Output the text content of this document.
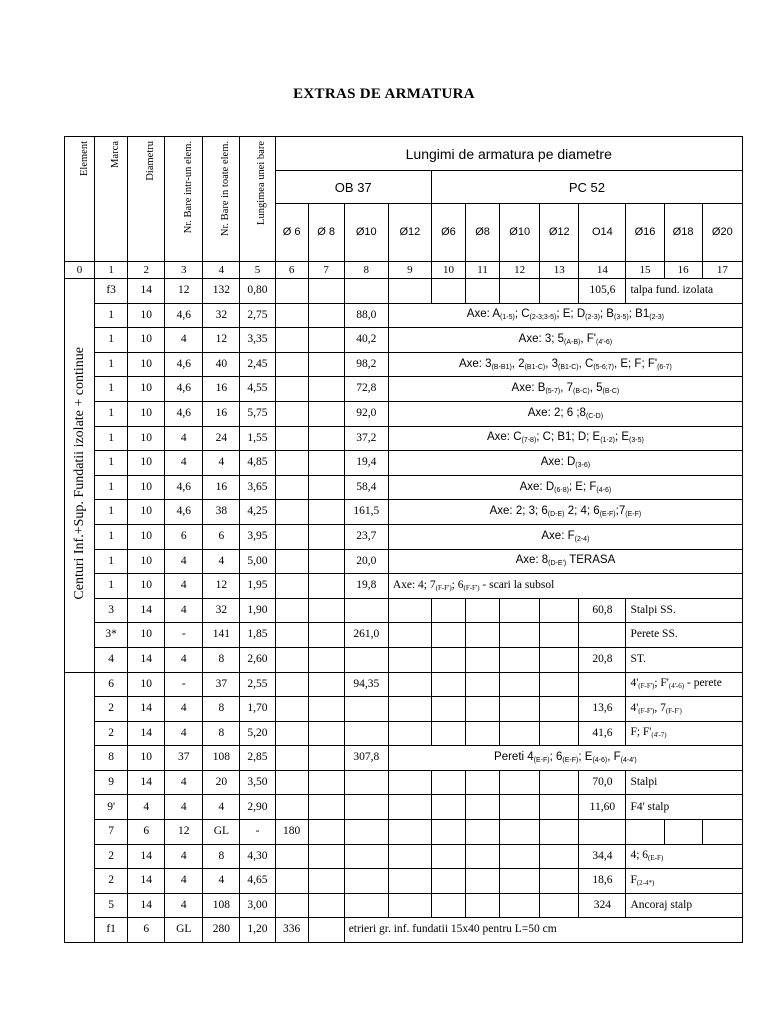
EXTRAS DE ARMATURA
Element	Marca	Diametru	Nr. Bare intr-un elem.	Nr. Bare in toate elem.	Lungimea unei bare	Lungimi de armatura pe diametre											
						OB 37				PC 52							
						Ø 6	Ø 8	Ø10	Ø12	Ø6	Ø8	Ø10	Ø12	O14	Ø16	Ø18	Ø20
0	1	2	3	4	5	6	7	8	9	10	11	12	13	14	15	16	17
Centuri Inf.+Sup. Fundatii izolate + continue	f3	14	12	132	0,80									105,6	talpa fund. izolata		
	1	10	4,6	32	2,75			88,0	Axe: $A_{(1-5)}$; $C_{(2-3;3-5)}$; E; $D_{(2-3)}$; $B_{(3-5)}$; $B1_{(2-3)}$
	1	10	4	12	3,35			40,2	Axe: 3; $5_{(A-B)}$, $F'_{(4'-6)}$
	1	10	4,6	40	2,45			98,2	Axe: $3_{(B-B1)}$, $2_{(B1-C)}$, $3_{(B1-C)}$, $C_{(5-6;7)}$, E; F; $F'_{(6-7)}$
	1	10	4,6	16	4,55			72,8	Axe: $B_{(5-7)}$, $7_{(B-C)}$, $5_{(B-C)}$
	1	10	4,6	16	5,75			92,0	Axe: 2; 6 $;8_{(C-D)}$
	1	10	4	24	1,55			37,2	Axe: $C_{(7-8)}$; C; B1; D; $E_{(1-2)}$; $E_{(3-5)}$
	1	10	4	4	4,85			19,4	Axe: $D_{(3-6)}$
	1	10	4,6	16	3,65			58,4	Axe: $D_{(6-8)}$; E; $F_{(4-6)}$
	1	10	4,6	38	4,25			161,5	Axe: 2; 3; $6_{(D-E)}$ 2; 4; $6_{(E-F)};7_{(E-F)}$
	1	10	6	6	3,95			23,7	Axe: $F_{(2-4)}$
	1	10	4	4	5,00			20,0	Axe: $8_{(D-E')}$ TERASA								
	1	10	4	12	1,95			19,8	Axe: 4; $7_{(F-F')}$; $6_{(F-F')}$ - scari la subsol								
	3	14	4	32	1,90									60,8	Stalpi SS.		
	3*	10	-	141	1,85			261,0							Perete SS.		
	4	14	4	8	2,60									20,8	ST.		
	6	10	-	37	2,55			94,35							$4'_{(F-F')}$; $F'_{(4'-6)}$ - perete		
	2	14	4	8	1,70									13,6	$4'_{(F-F')}$, $7_{(F-F')}$
	2	14	4	8	5,20									41,6	F; $F'_{(4'-7)}$
	8	10	37	108	2,85			307,8	Pereti $4_{(E-F)}$; $6_{(E-F)}$; $E_{(4-6)}$, $F_{(4-4')}$
	9	14	4	20	3,50									70,0	Stalpi		
	9'	4	4	4	2,90									11,60	F4' stalp		
	7	6	12	GL	-	180											
	2	14	4	8	4,30									34,4	4; $6_{(E-F)}$
	2	14	4	4	4,65									18,6	$F_{(2-4*)}$
	5	14	4	108	3,00									324	Ancoraj stalp		
	f1	6	GL	280	1,20	336		etrieri gr. inf. fundatii 15x40 pentru L=50 cm									
